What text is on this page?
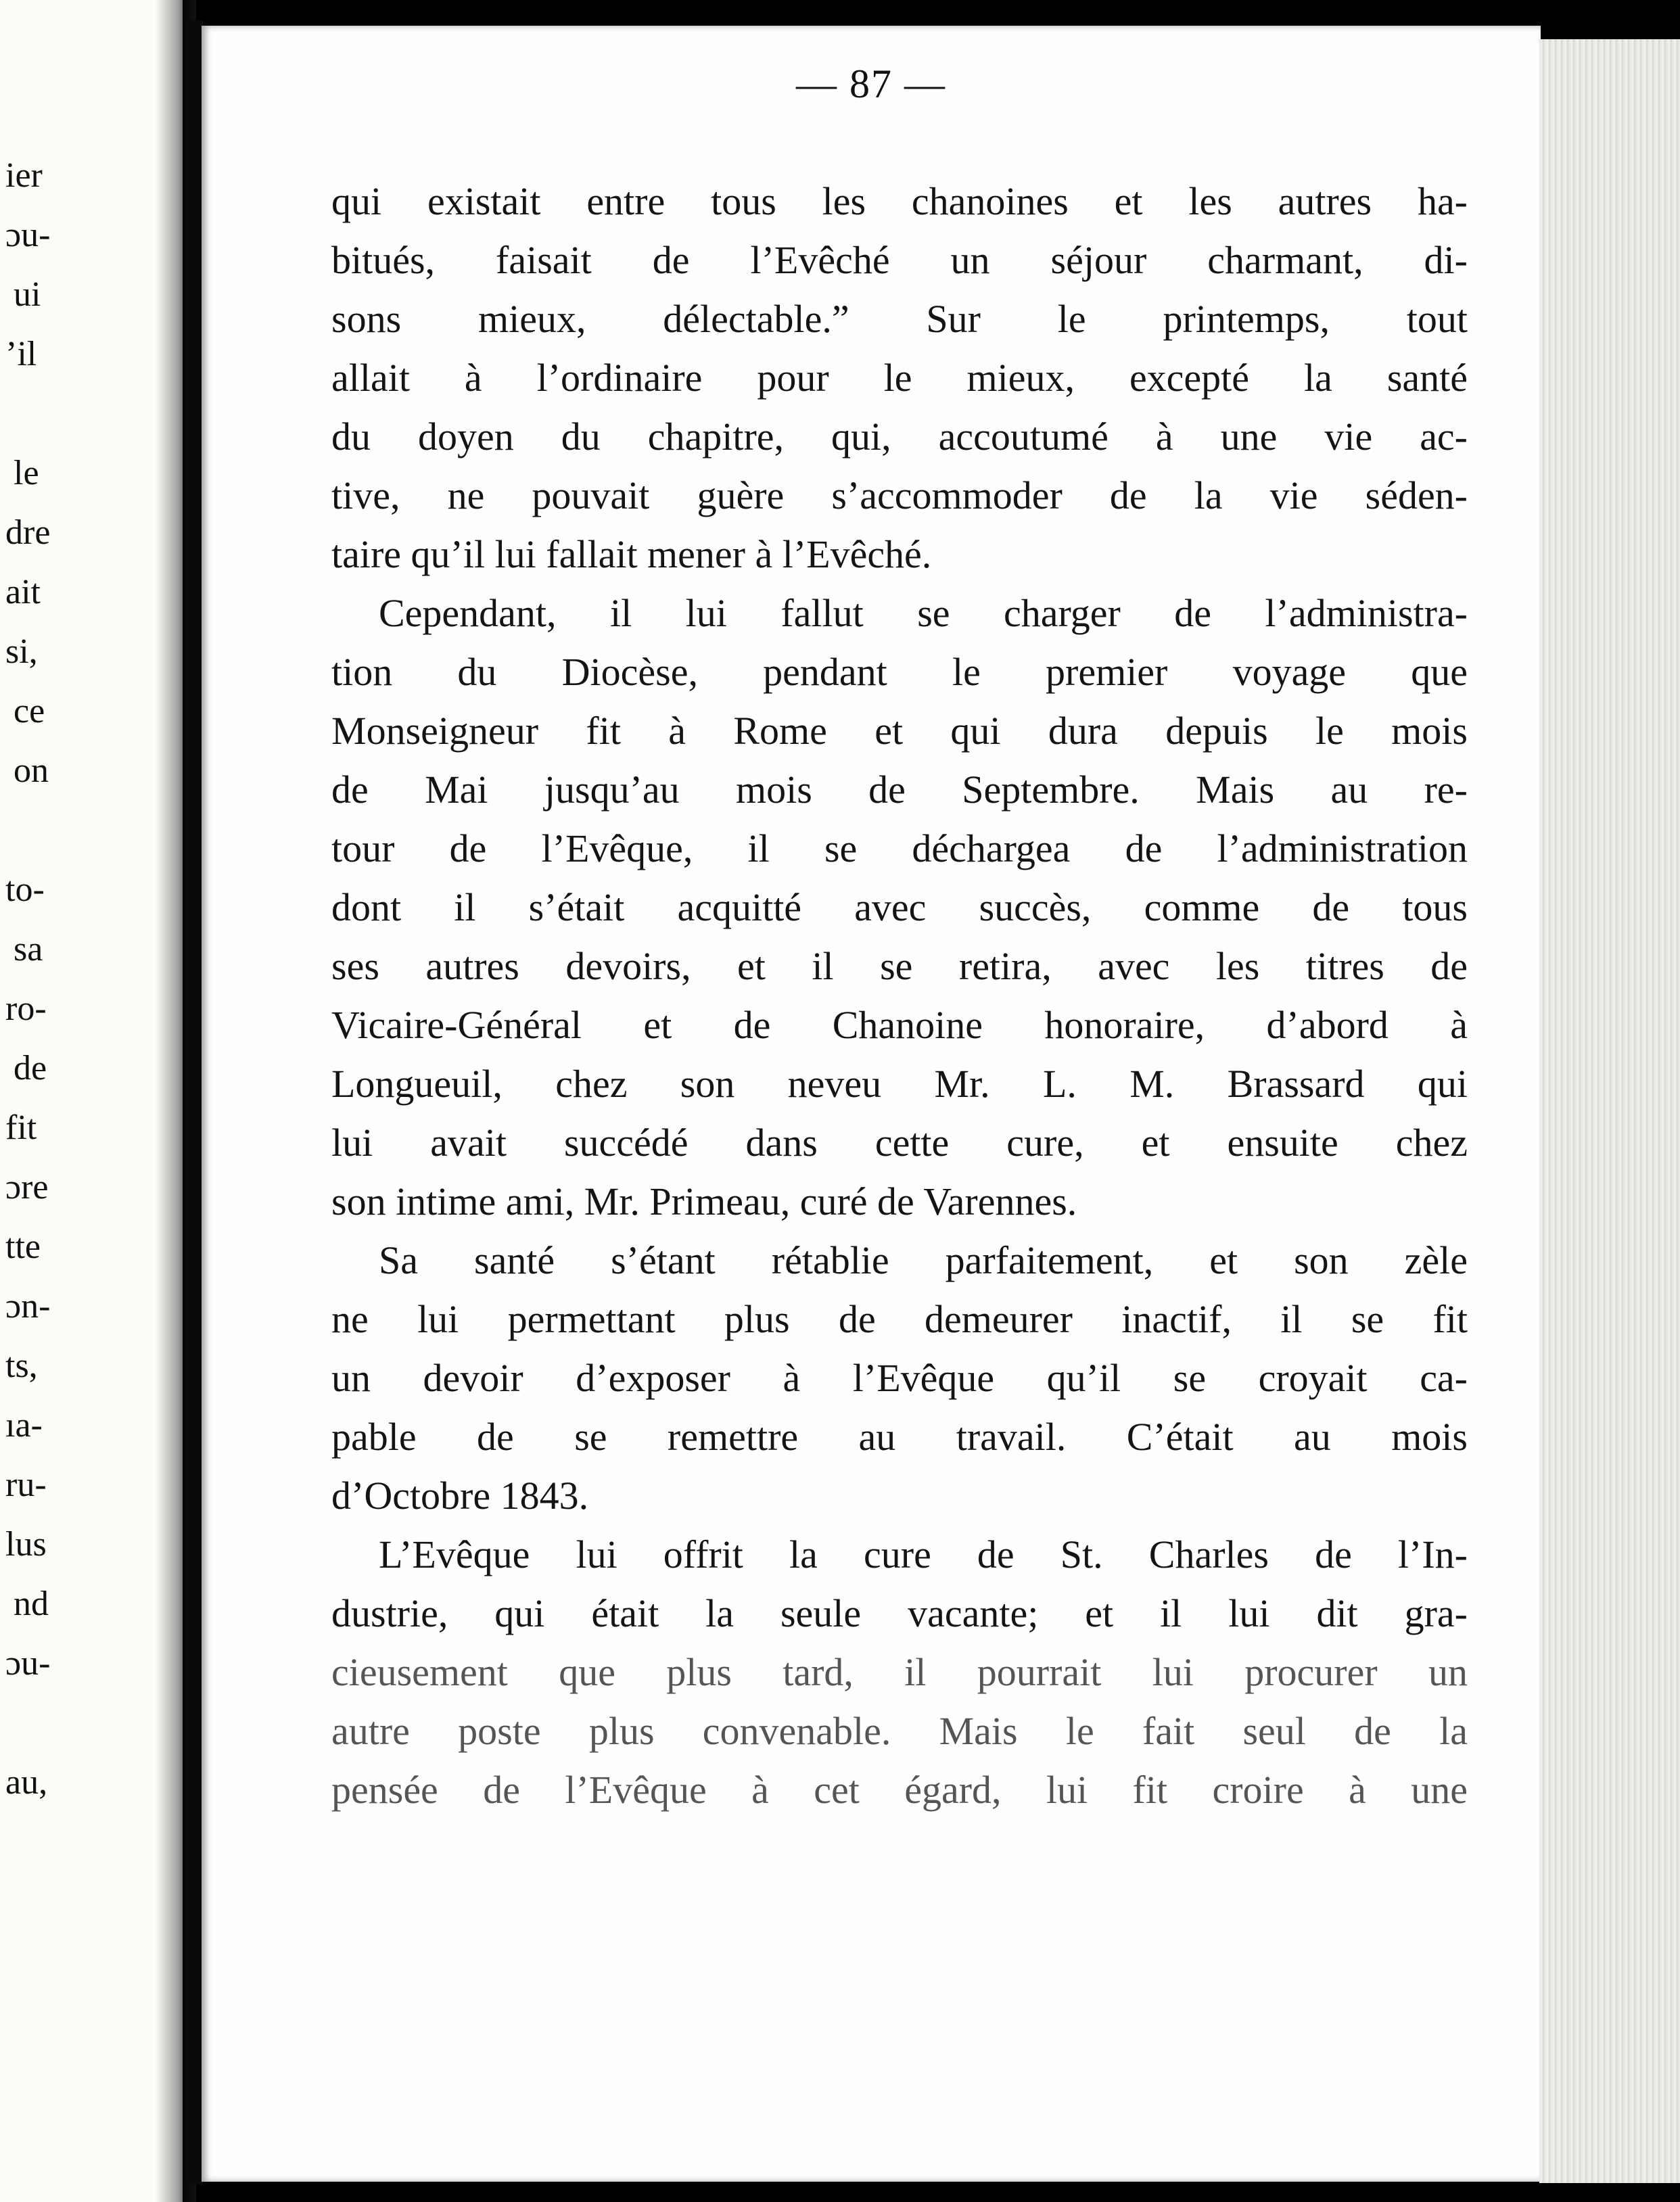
ier
ɔu-
ui
’il
le
dre
ait
si,
ce
on
to-
sa
ro-
de
fit
ɔre
tte
ɔn-
ts,
ıa-
ru-
lus
nd
ɔu-
au,
— 87 —
qui existait entre tous les chanoines et les autres ha-
bitués, faisait de l’Evêché un séjour charmant, di-
sons mieux, délectable.” Sur le printemps, tout
allait à l’ordinaire pour le mieux, excepté la santé
du doyen du chapitre, qui, accoutumé à une vie ac-
tive, ne pouvait guère s’accommoder de la vie séden-
taire qu’il lui fallait mener à l’Evêché.
Cependant, il lui fallut se charger de l’administra-
tion du Diocèse, pendant le premier voyage que
Monseigneur fit à Rome et qui dura depuis le mois
de Mai jusqu’au mois de Septembre. Mais au re-
tour de l’Evêque, il se déchargea de l’administration
dont il s’était acquitté avec succès, comme de tous
ses autres devoirs, et il se retira, avec les titres de
Vicaire-Général et de Chanoine honoraire, d’abord à
Longueuil, chez son neveu Mr. L. M. Brassard qui
lui avait succédé dans cette cure, et ensuite chez
son intime ami, Mr. Primeau, curé de Varennes.
Sa santé s’étant rétablie parfaitement, et son zèle
ne lui permettant plus de demeurer inactif, il se fit
un devoir d’exposer à l’Evêque qu’il se croyait ca-
pable de se remettre au travail. C’était au mois
d’Octobre 1843.
L’Evêque lui offrit la cure de St. Charles de l’In-
dustrie, qui était la seule vacante; et il lui dit gra-
cieusement que plus tard, il pourrait lui procurer un
autre poste plus convenable. Mais le fait seul de la
pensée de l’Evêque à cet égard, lui fit croire à une
